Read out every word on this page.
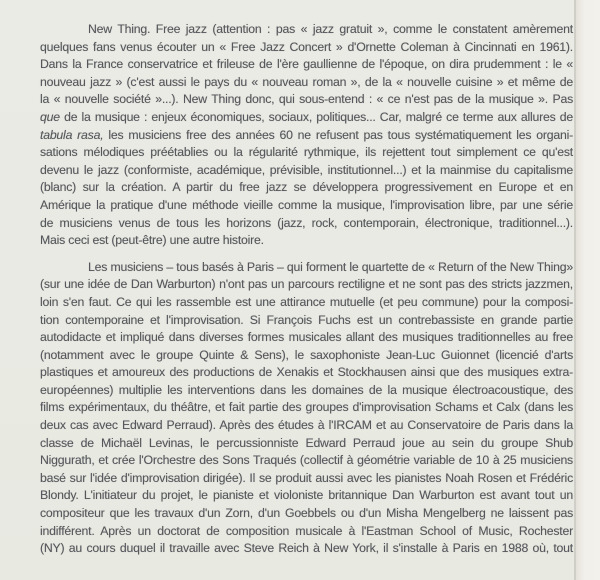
New Thing. Free jazz (attention : pas « jazz gratuit », comme le constatent amèrement
quelques fans venus écouter un « Free Jazz Concert » d'Ornette Coleman à Cincinnati en 1961).
Dans la France conservatrice et frileuse de l'ère gaullienne de l'époque, on dira prudemment : le «
nouveau jazz » (c'est aussi le pays du « nouveau roman », de la « nouvelle cuisine » et même de
la « nouvelle société »...). New Thing donc, qui sous-entend : « ce n'est pas de la musique ». Pas
que de la musique : enjeux économiques, sociaux, politiques... Car, malgré ce terme aux allures de
tabula rasa, les musiciens free des années 60 ne refusent pas tous systématiquement les organi-
sations mélodiques préétablies ou la régularité rythmique, ils rejettent tout simplement ce qu'est
devenu le jazz (conformiste, académique, prévisible, institutionnel...) et la mainmise du capitalisme
(blanc) sur la création. A partir du free jazz se développera progressivement en Europe et en
Amérique la pratique d'une méthode vieille comme la musique, l'improvisation libre, par une série
de musiciens venus de tous les horizons (jazz, rock, contemporain, électronique, traditionnel...).
Mais ceci est (peut-être) une autre histoire.
Les musiciens – tous basés à Paris – qui forment le quartette de « Return of the New Thing»
(sur une idée de Dan Warburton) n'ont pas un parcours rectiligne et ne sont pas des stricts jazzmen,
loin s'en faut. Ce qui les rassemble est une attirance mutuelle (et peu commune) pour la composi-
tion contemporaine et l'improvisation. Si François Fuchs est un contrebassiste en grande partie
autodidacte et impliqué dans diverses formes musicales allant des musiques traditionnelles au free
(notamment avec le groupe Quinte & Sens), le saxophoniste Jean-Luc Guionnet (licencié d'arts
plastiques et amoureux des productions de Xenakis et Stockhausen ainsi que des musiques extra-
européennes) multiplie les interventions dans les domaines de la musique électroacoustique, des
films expérimentaux, du théâtre, et fait partie des groupes d'improvisation Schams et Calx (dans les
deux cas avec Edward Perraud). Après des études à l'IRCAM et au Conservatoire de Paris dans la
classe de Michaël Levinas, le percussionniste Edward Perraud joue au sein du groupe Shub
Niggurath, et crée l'Orchestre des Sons Traqués (collectif à géométrie variable de 10 à 25 musiciens
basé sur l'idée d'improvisation dirigée). Il se produit aussi avec les pianistes Noah Rosen et Frédéric
Blondy. L'initiateur du projet, le pianiste et violoniste britannique Dan Warburton est avant tout un
compositeur que les travaux d'un Zorn, d'un Goebbels ou d'un Misha Mengelberg ne laissent pas
indifférent. Après un doctorat de composition musicale à l'Eastman School of Music, Rochester
(NY) au cours duquel il travaille avec Steve Reich à New York, il s'installe à Paris en 1988 où, tout
